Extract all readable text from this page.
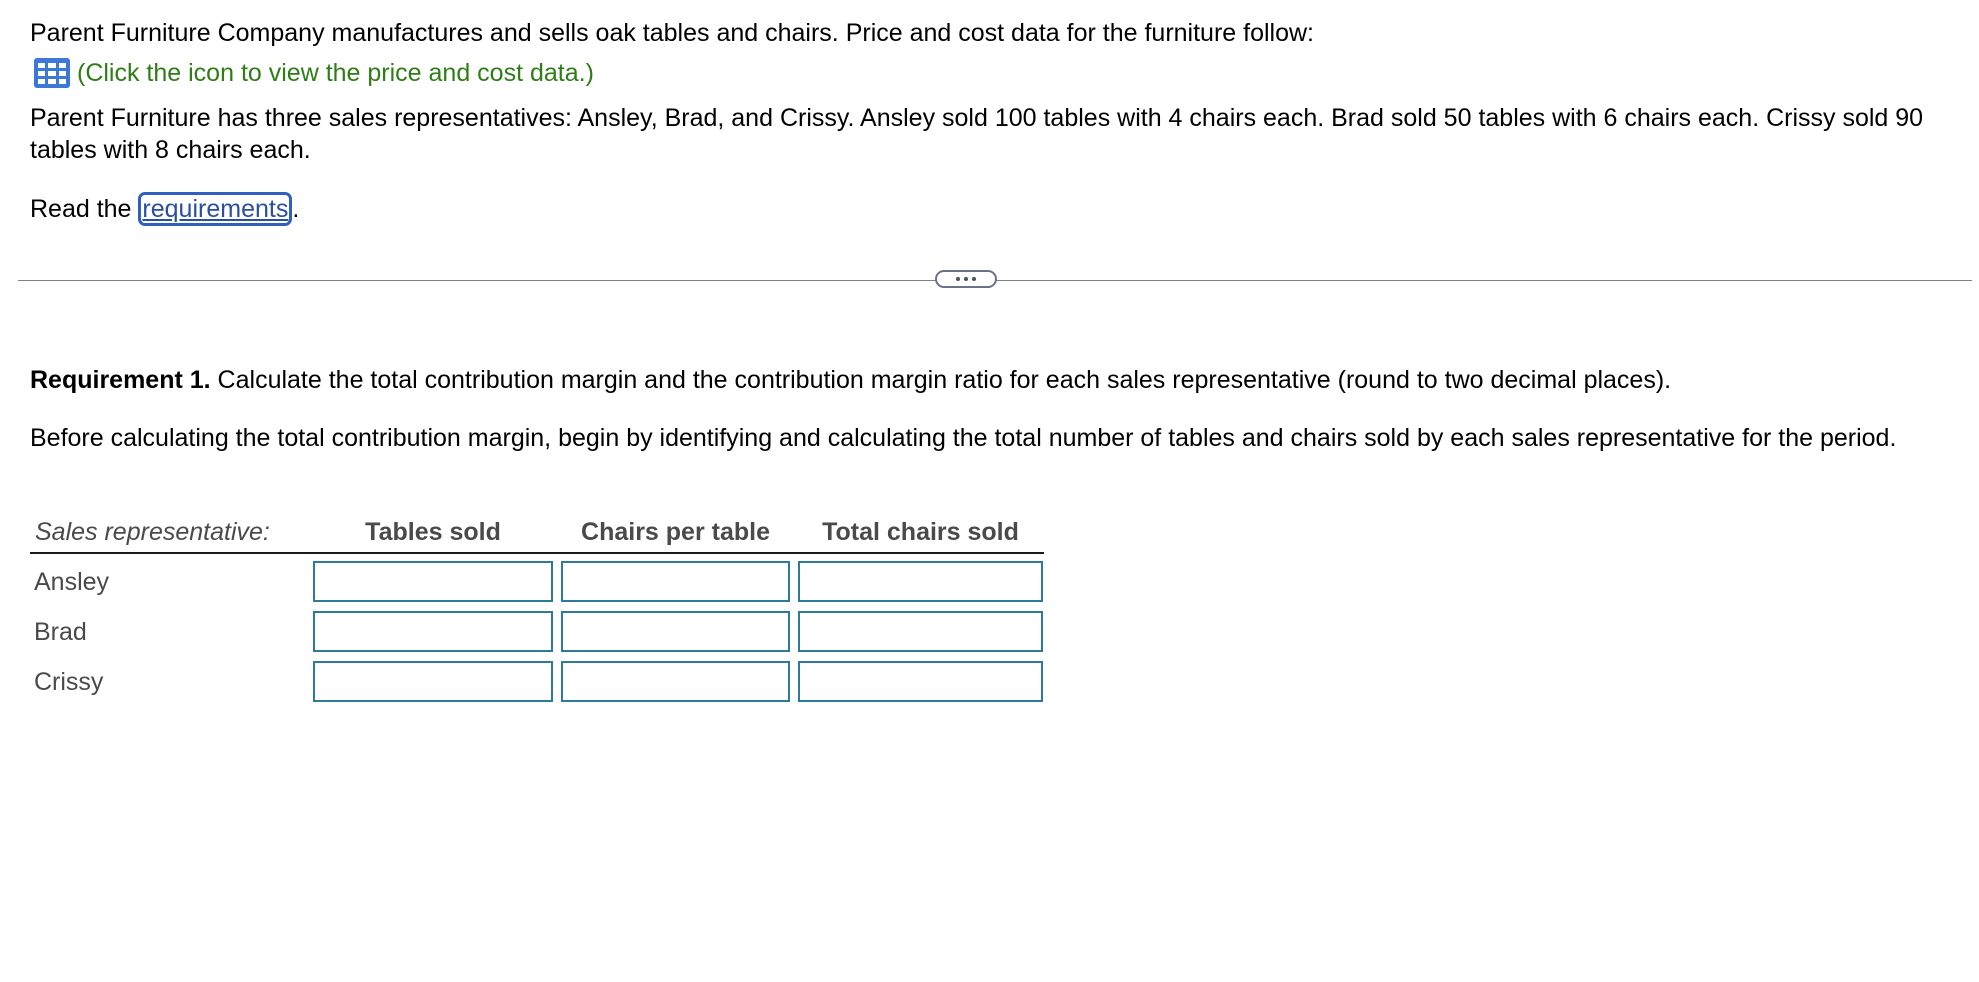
Parent Furniture Company manufactures and sells oak tables and chairs. Price and cost data for the furniture follow:

(Click the icon to view the price and cost data.)

Parent Furniture has three sales representatives: Ansley, Brad, and Crissy. Ansley sold 100 tables with 4 chairs each. Brad sold 50 tables with 6 chairs each. Crissy sold 90 tables with 8 chairs each.

Read the requirements .

Requirement 1. Calculate the total contribution margin and the contribution margin ratio for each sales representative (round to two decimal places).

Before calculating the total contribution margin, begin by identifying and calculating the total number of tables and chairs sold by each sales representative for the period.

Sales representative:	Tables sold	Chairs per table	Total chairs sold
Ansley
Brad
Crissy
